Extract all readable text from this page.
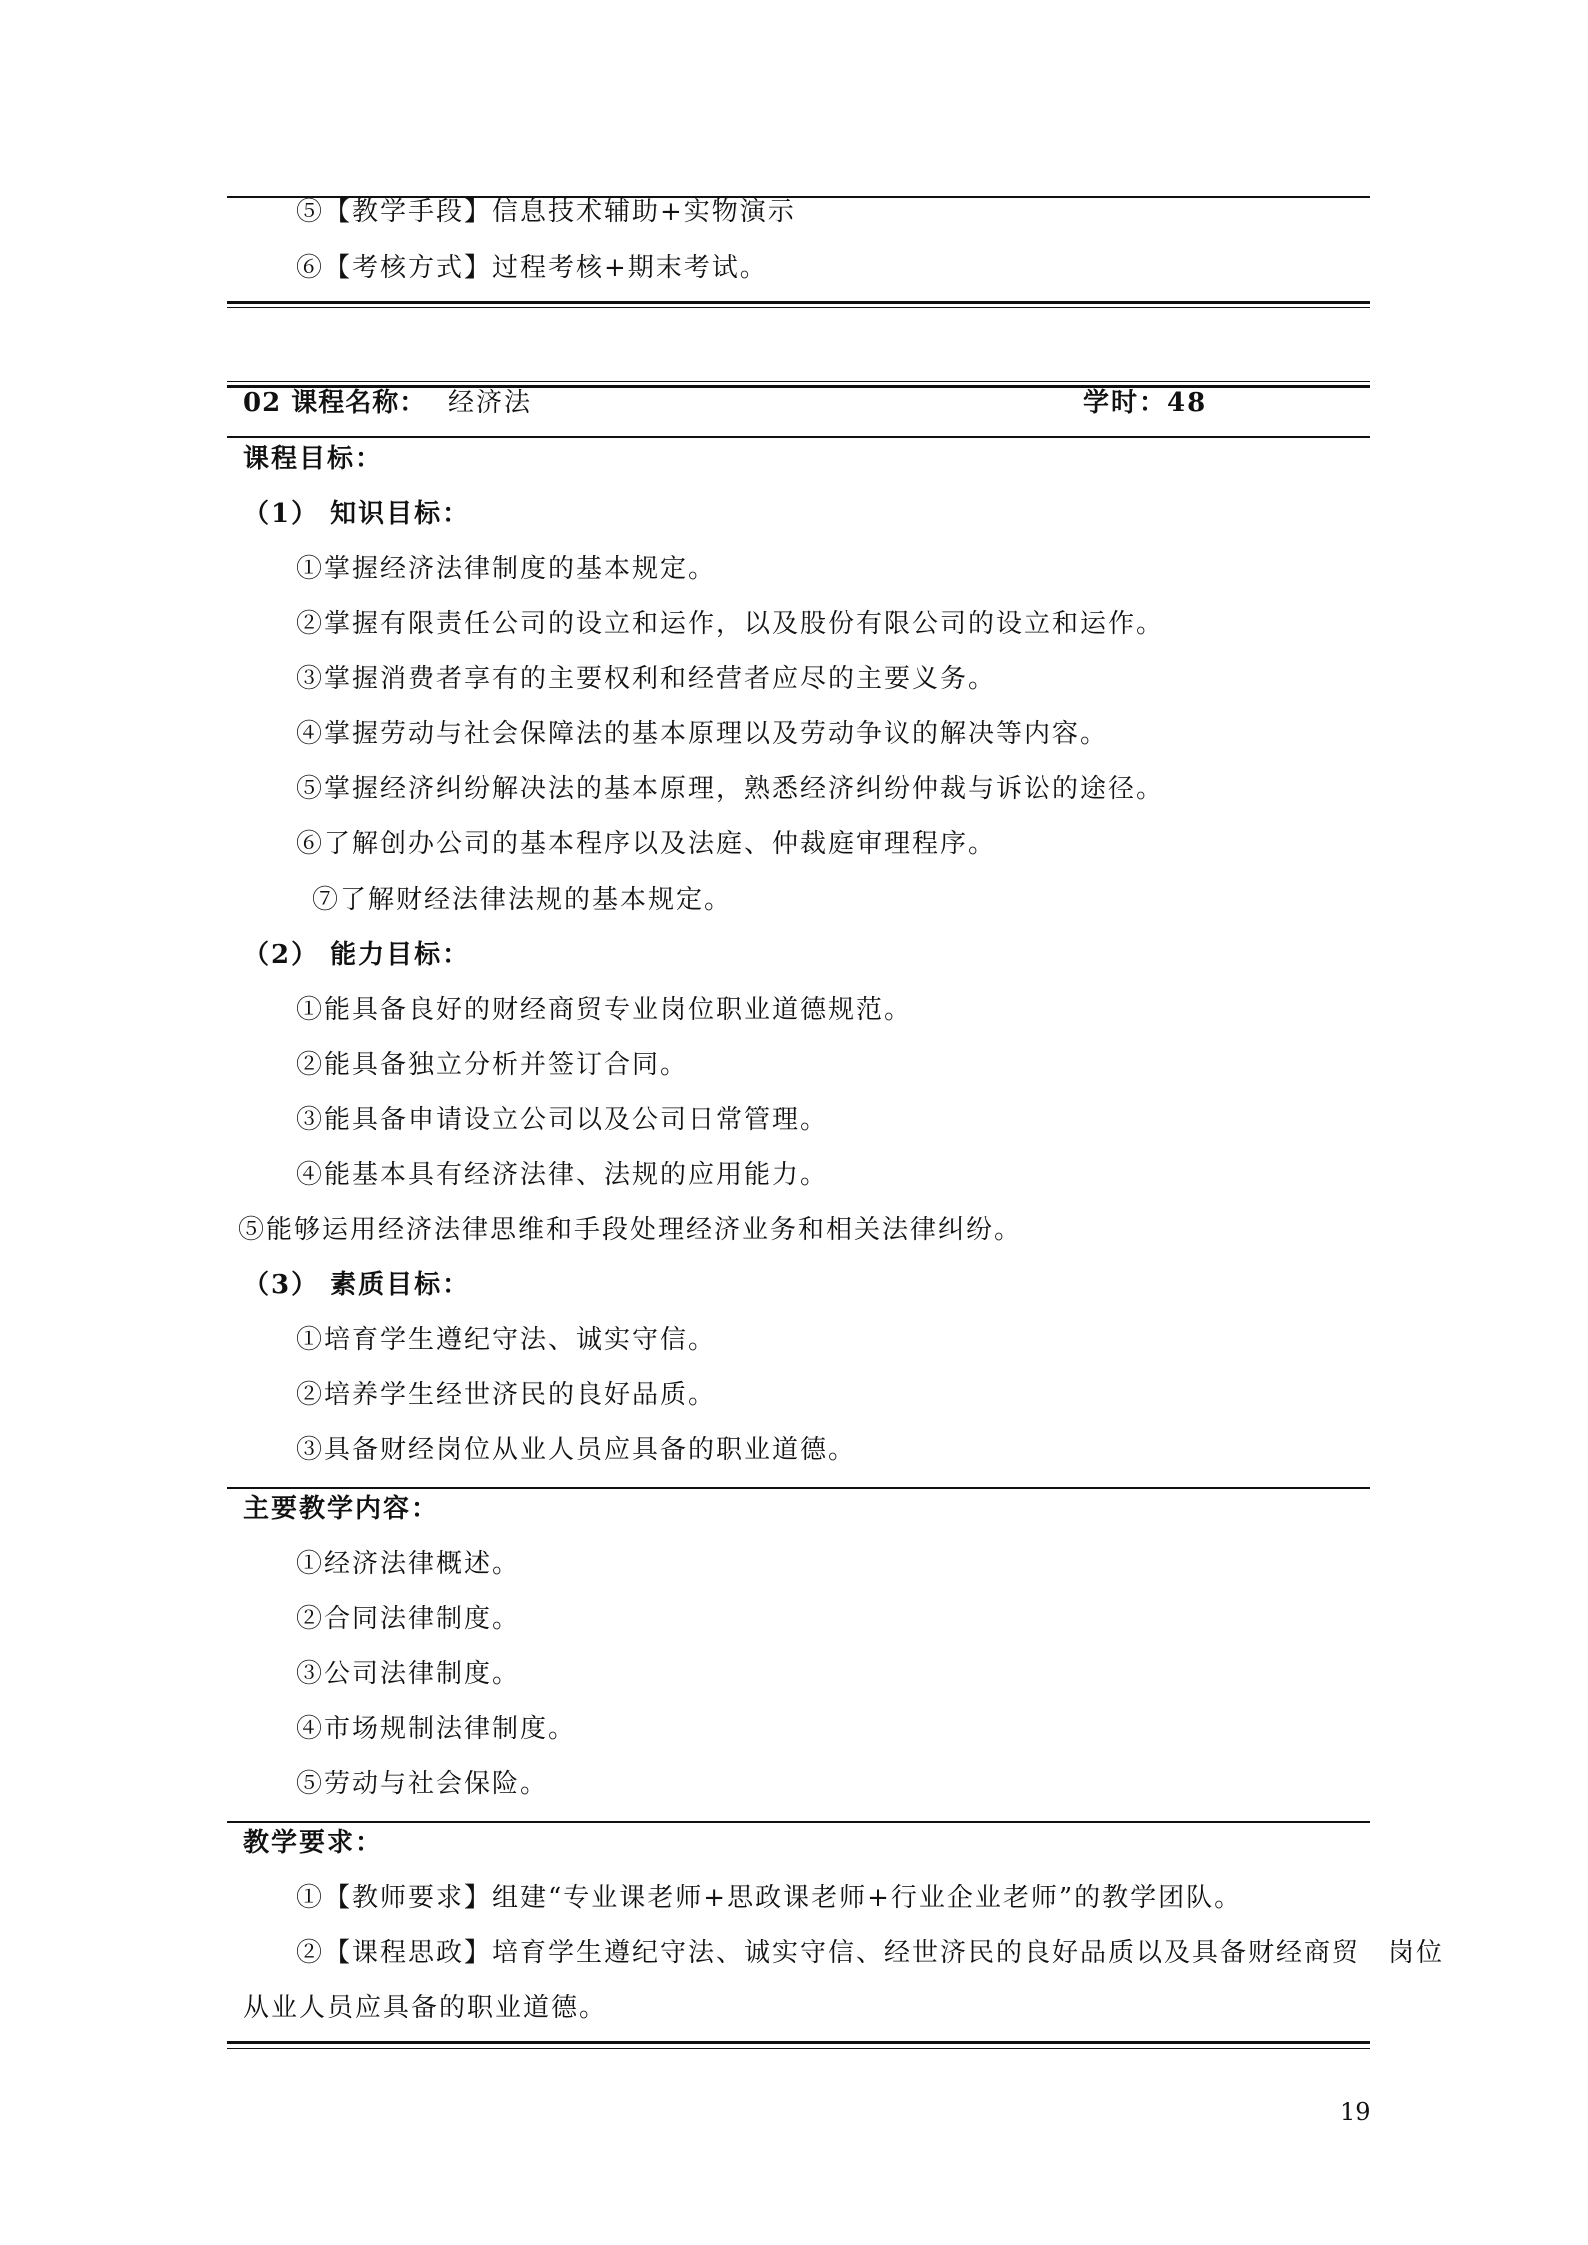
⑤【教学手段】信息技术辅助+实物演示
⑥【考核方式】过程考核+期末考试。
02 课程名称： 经济法	学时：48
课程目标：
（1） 知识目标：
①掌握经济法律制度的基本规定。
②掌握有限责任公司的设立和运作，以及股份有限公司的设立和运作。
③掌握消费者享有的主要权利和经营者应尽的主要义务。
④掌握劳动与社会保障法的基本原理以及劳动争议的解决等内容。
⑤掌握经济纠纷解决法的基本原理，熟悉经济纠纷仲裁与诉讼的途径。
⑥了解创办公司的基本程序以及法庭、仲裁庭审理程序。
⑦了解财经法律法规的基本规定。
（2） 能力目标：
①能具备良好的财经商贸专业岗位职业道德规范。
②能具备独立分析并签订合同。
③能具备申请设立公司以及公司日常管理。
④能基本具有经济法律、法规的应用能力。
⑤能够运用经济法律思维和手段处理经济业务和相关法律纠纷。
（3） 素质目标：
①培育学生遵纪守法、诚实守信。
②培养学生经世济民的良好品质。
③具备财经岗位从业人员应具备的职业道德。
主要教学内容：
①经济法律概述。
②合同法律制度。
③公司法律制度。
④市场规制法律制度。
⑤劳动与社会保险。
教学要求：
①【教师要求】组建“专业课老师+思政课老师+行业企业老师”的教学团队。
②【课程思政】培育学生遵纪守法、诚实守信、经世济民的良好品质以及具备财经商贸　岗位
从业人员应具备的职业道德。
19
